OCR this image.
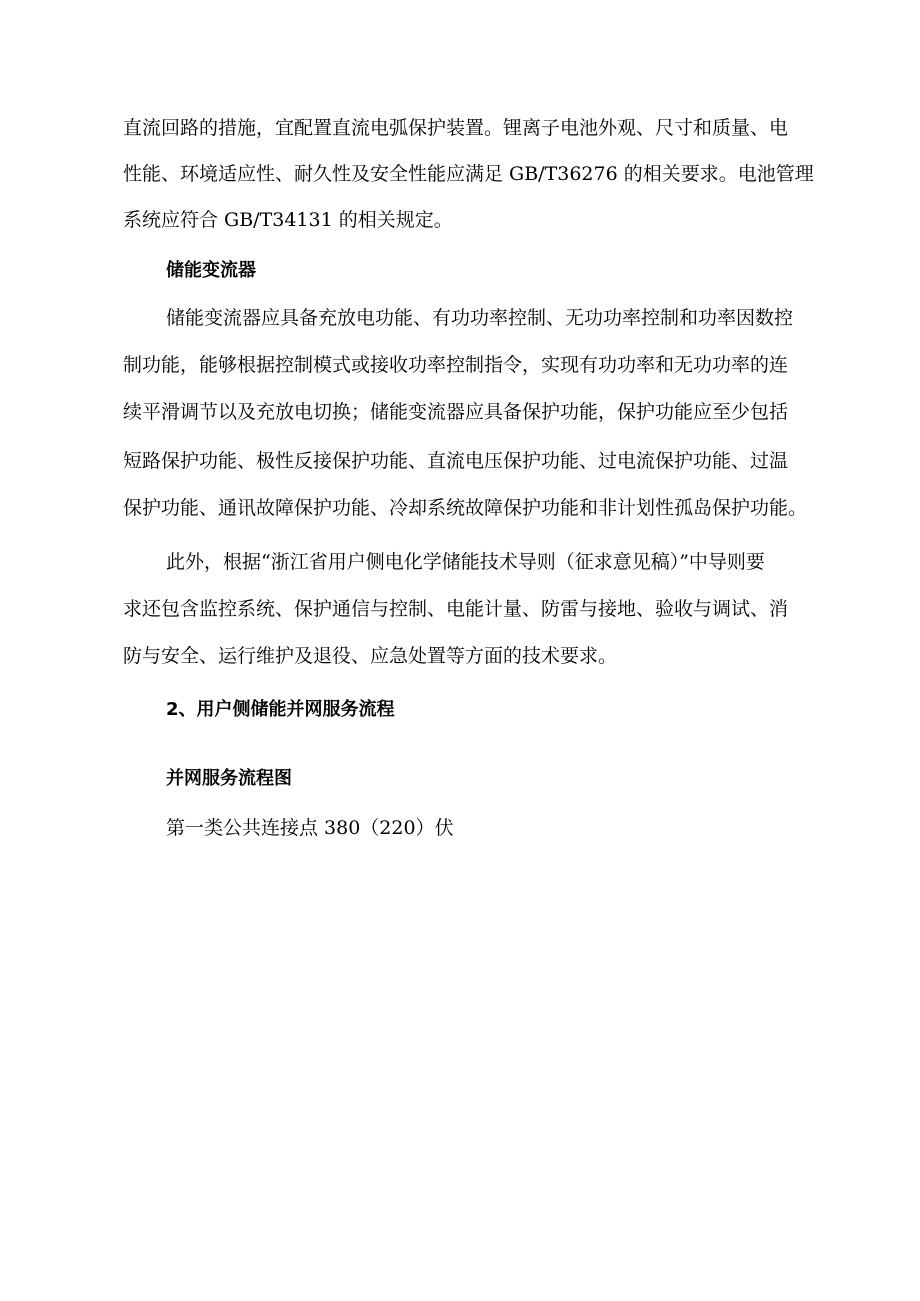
直流回路的措施，宜配置直流电弧保护装置。锂离子电池外观、尺寸和质量、电
性能、环境适应性、耐久性及安全性能应满足 GB/T36276 的相关要求。电池管理
系统应符合 GB/T34131 的相关规定。
储能变流器
储能变流器应具备充放电功能、有功功率控制、无功功率控制和功率因数控
制功能，能够根据控制模式或接收功率控制指令，实现有功功率和无功功率的连
续平滑调节以及充放电切换；储能变流器应具备保护功能，保护功能应至少包括
短路保护功能、极性反接保护功能、直流电压保护功能、过电流保护功能、过温
保护功能、通讯故障保护功能、冷却系统故障保护功能和非计划性孤岛保护功能。
此外，根据“浙江省用户侧电化学储能技术导则（征求意见稿）”中导则要
求还包含监控系统、保护通信与控制、电能计量、防雷与接地、验收与调试、消
防与安全、运行维护及退役、应急处置等方面的技术要求。
2、用户侧储能并网服务流程
并网服务流程图
第一类公共连接点 380（220）伏
